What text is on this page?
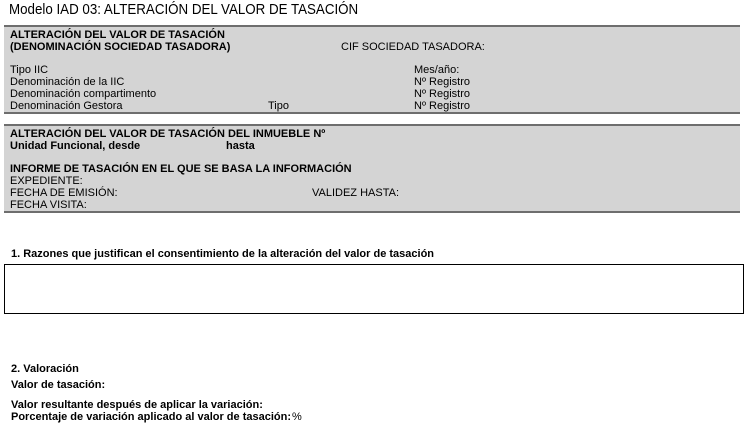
Modelo IAD 03: ALTERACIÓN DEL VALOR DE TASACIÓN
ALTERACIÓN DEL VALOR DE TASACIÓN
(DENOMINACIÓN SOCIEDAD TASADORA)	CIF SOCIEDAD TASADORA:
Tipo IIC	Mes/año:
Denominación de la IIC	Nº Registro
Denominación compartimento	Nº Registro
Denominación Gestora	Tipo	Nº Registro
ALTERACIÓN DEL VALOR DE TASACIÓN DEL INMUEBLE Nº
Unidad Funcional, desde	hasta
INFORME DE TASACIÓN EN EL QUE SE BASA LA INFORMACIÓN
EXPEDIENTE:
FECHA DE EMISIÓN:	VALIDEZ HASTA:
FECHA VISITA:
1. Razones que justifican el consentimiento de la alteración del valor de tasación
2. Valoración
Valor de tasación:
Valor resultante después de aplicar la variación:
Porcentaje de variación aplicado al valor de tasación: %
